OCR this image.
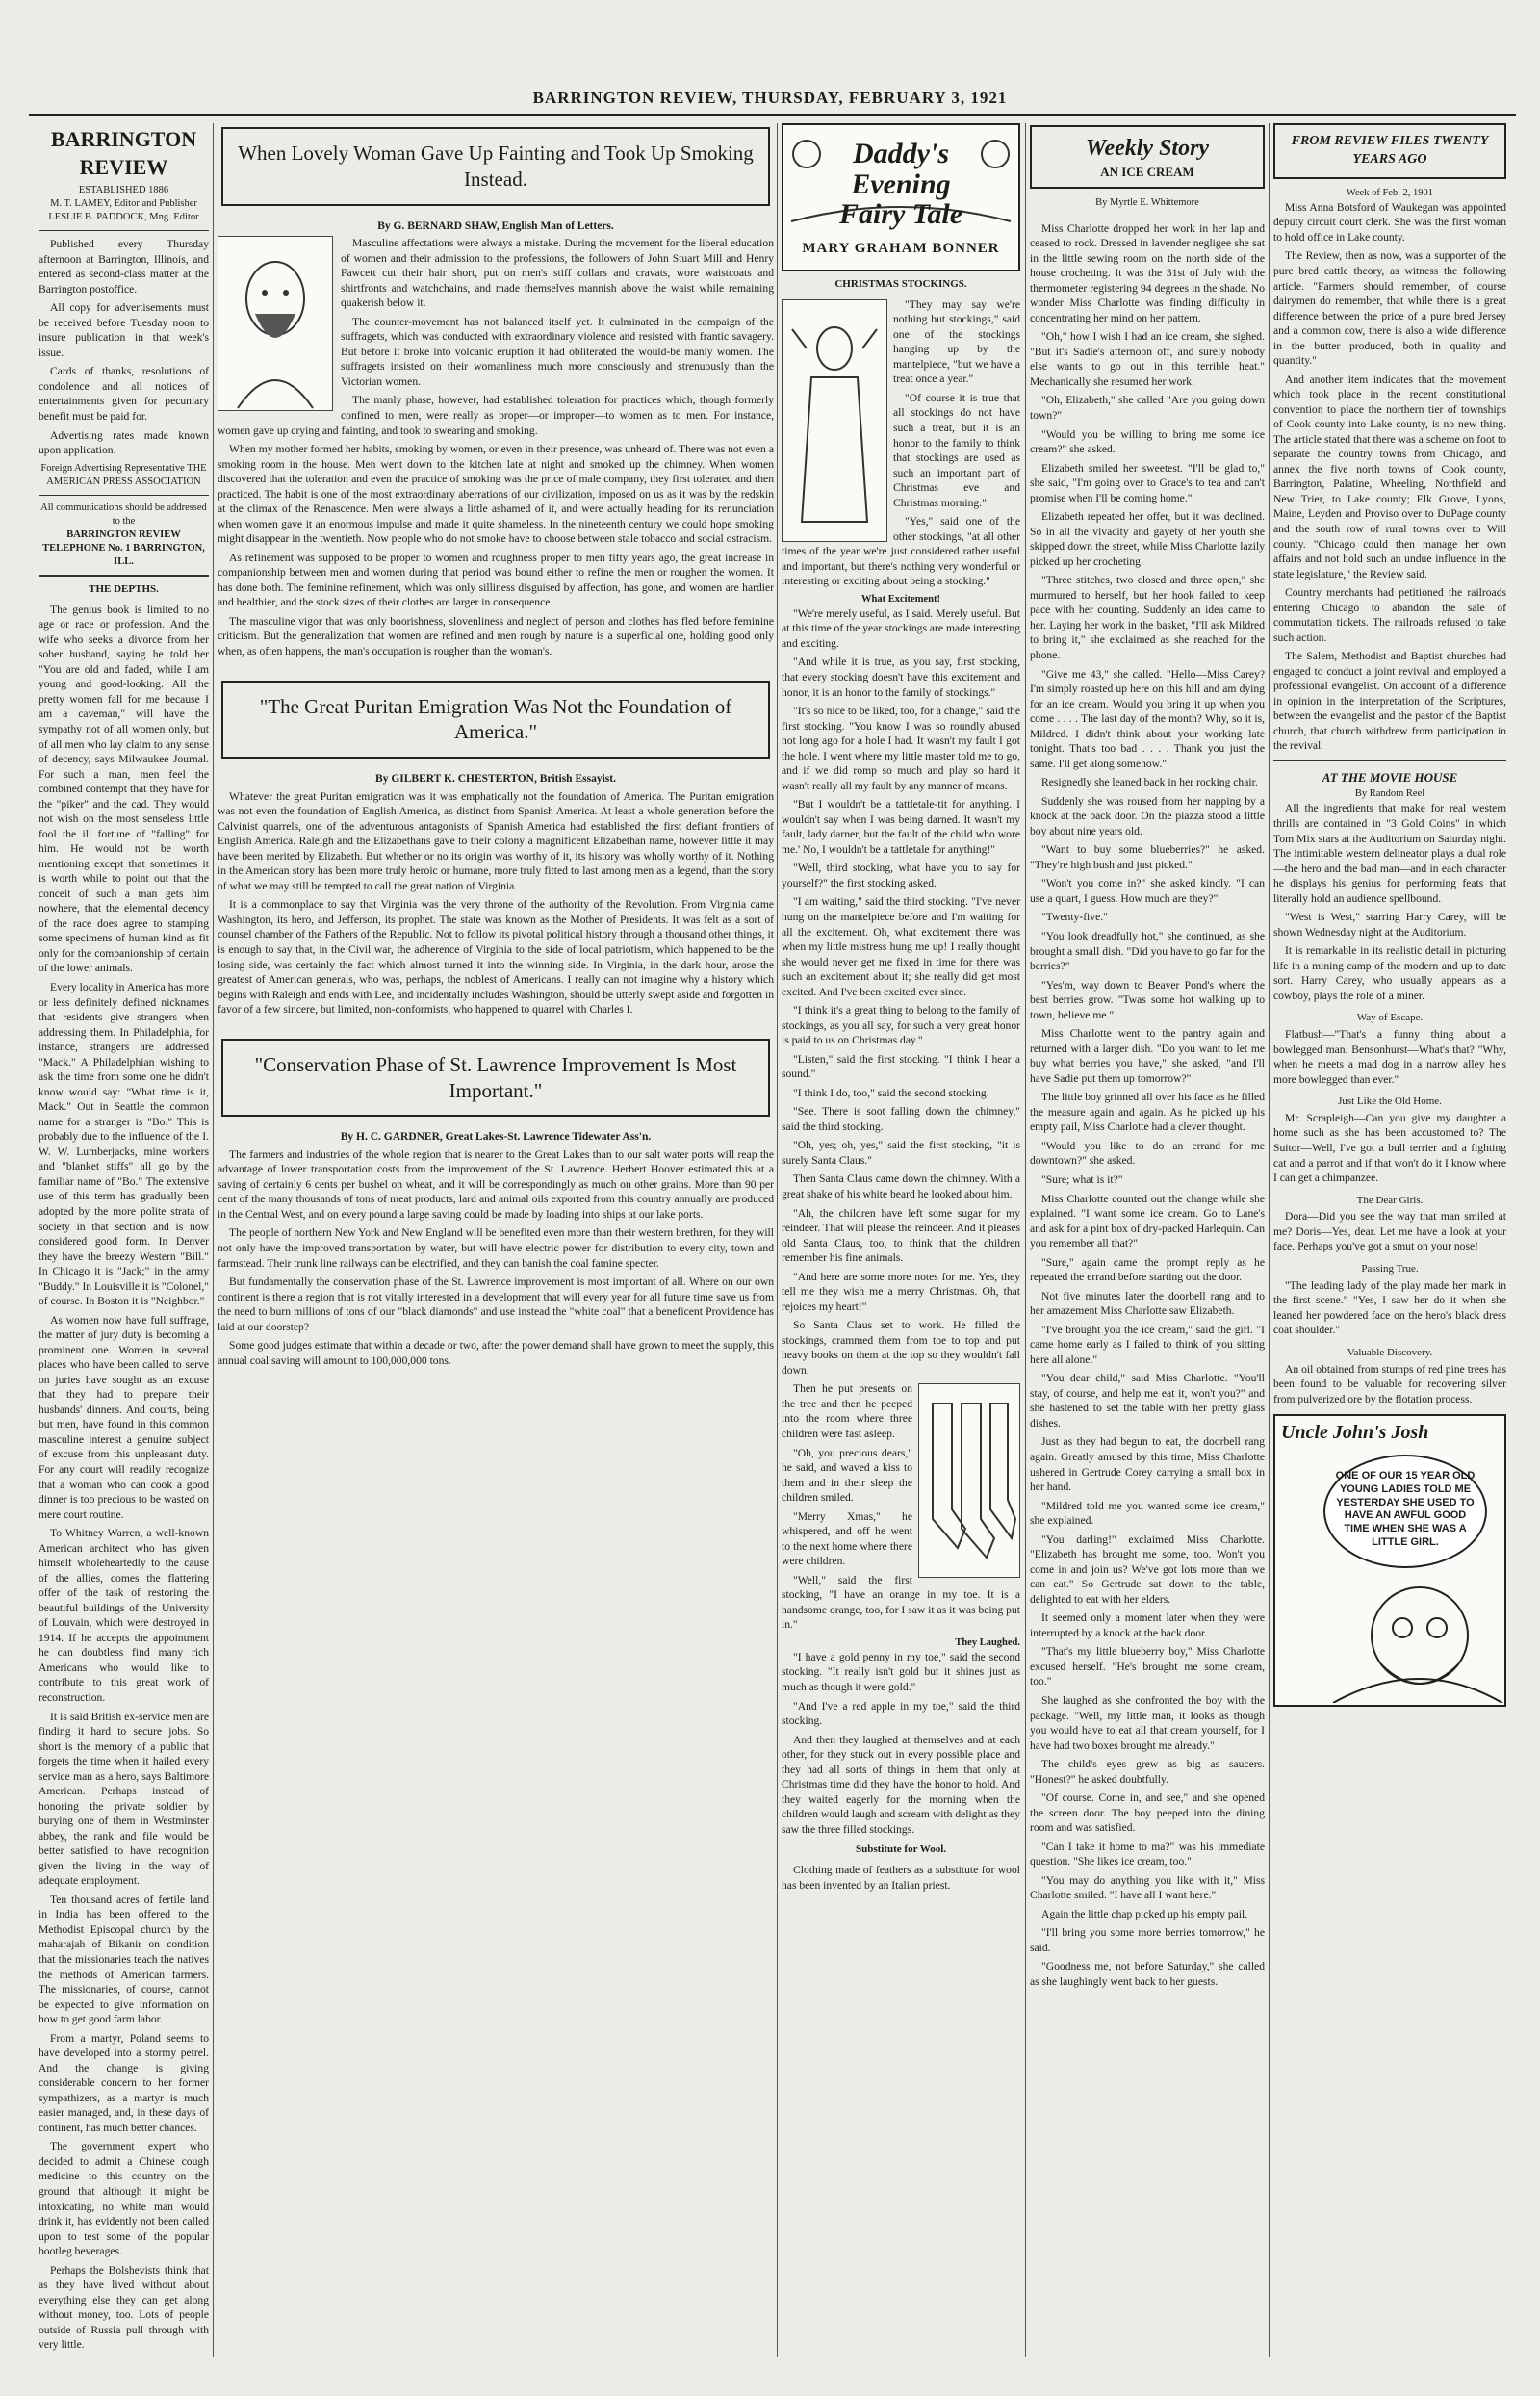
BARRINGTON REVIEW, THURSDAY, FEBRUARY 3, 1921
BARRINGTON REVIEW
ESTABLISHED 1886
M. T. LAMEY, Editor and Publisher
LESLIE B. PADDOCK, Mng. Editor

Published every Thursday afternoon at Barrington, Illinois, and entered as second-class matter at the Barrington postoffice.

All copy for advertisements must be received before Tuesday noon to insure publication in that week's issue.

Cards of thanks, resolutions of condolence and all notices of entertainments given for pecuniary benefit must be paid for.

Advertising rates made known upon application.

Foreign Advertising Representative THE AMERICAN PRESS ASSOCIATION
All communications should be addressed to the
BARRINGTON REVIEW
TELEPHONE No. 1 BARRINGTON, ILL.
THE DEPTHS.

The genius book is limited to no age or race or profession. And the wife who seeks a divorce from her sober husband, saying he told her "You are old and faded, while I am young and good-looking. All the pretty women fall for me because I am a caveman," will have the sympathy not of all women only, but of all men who lay claim to any sense of decency, says Milwaukee Journal. For such a man, men feel the combined contempt that they have for the "piker" and the cad. They would not wish on the most senseless little fool the ill fortune of "falling" for him. He would not be worth mentioning except that sometimes it is worth while to point out that the conceit of such a man gets him nowhere, that the elemental decency of the race does agree to stamping some specimens of human kind as fit only for the companionship of certain of the lower animals.

Every locality in America has more or less definitely defined nicknames that residents give strangers when addressing them. In Philadelphia, for instance, strangers are addressed "Mack." A Philadelphian wishing to ask the time from some one he didn't know would say: "What time is it, Mack." Out in Seattle the common name for a stranger is "Bo." This is probably due to the influence of the I. W. W. Lumberjacks, mine workers and "blanket stiffs" all go by the familiar name of "Bo." The extensive use of this term has gradually been adopted by the more polite strata of society in that section and is now considered good form. In Denver they have the breezy Western "Bill." In Chicago it is "Jack;" in the army "Buddy." In Louisville it is "Colonel," of course. In Boston it is "Neighbor."

As women now have full suffrage, the matter of jury duty is becoming a prominent one. Women in several places who have been called to serve on juries have sought as an excuse that they had to prepare their husbands' dinners. And courts, being but men, have found in this common masculine interest a genuine subject of excuse from this unpleasant duty. For any court will readily recognize that a woman who can cook a good dinner is too precious to be wasted on mere court routine.

To Whitney Warren, a well-known American architect who has given himself wholeheartedly to the cause of the allies, comes the flattering offer of the task of restoring the beautiful buildings of the University of Louvain, which were destroyed in 1914. If he accepts the appointment he can doubtless find many rich Americans who would like to contribute to this great work of reconstruction.

It is said British ex-service men are finding it hard to secure jobs. So short is the memory of a public that forgets the time when it hailed every service man as a hero, says Baltimore American. Perhaps instead of honoring the private soldier by burying one of them in Westminster abbey, the rank and file would be better satisfied to have recognition given the living in the way of adequate employment.

Ten thousand acres of fertile land in India has been offered to the Methodist Episcopal church by the maharajah of Bikanir on condition that the missionaries teach the natives the methods of American farmers. The missionaries, of course, cannot be expected to give information on how to get good farm labor.

From a martyr, Poland seems to have developed into a stormy petrel. And the change is giving considerable concern to her former sympathizers, as a martyr is much easier managed, and, in these days of continent, has much better chances.

The government expert who decided to admit a Chinese cough medicine to this country on the ground that although it might be intoxicating, no white man would drink it, has evidently not been called upon to test some of the popular bootleg beverages.

Perhaps the Bolshevists think that as they have lived without about everything else they can get along without money, too. Lots of people outside of Russia pull through with very little.

When Lovely Woman Gave Up Fainting and Took Up Smoking Instead.
By G. BERNARD SHAW, English Man of Letters.

Masculine affectations were always a mistake. During the movement for the liberal education of women and their admission to the professions, the followers of John Stuart Mill and Henry Fawcett cut their hair short, put on men's stiff collars and cravats, wore waistcoats and shirtfronts and watchchains, and made themselves mannish above the waist while remaining quakerish below it.

The counter-movement has not balanced itself yet. It culminated in the campaign of the suffragets, which was conducted with extraordinary violence and resisted with frantic savagery. But before it broke into volcanic eruption it had obliterated the would-be manly women. The suffragets insisted on their womanliness much more consciously and strenuously than the Victorian women.

The manly phase, however, had established toleration for practices which, though formerly confined to men, were really as proper—or improper—to women as to men. For instance, women gave up crying and fainting, and took to swearing and smoking.

When my mother formed her habits, smoking by women, or even in their presence, was unheard of. There was not even a smoking room in the house. Men went down to the kitchen late at night and smoked up the chimney. When women discovered that the toleration and even the practice of smoking was the price of male company, they first tolerated and then practiced. The habit is one of the most extraordinary aberrations of our civilization, imposed on us as it was by the redskin at the climax of the Renascence. Men were always a little ashamed of it, and were actually heading for its renunciation when women gave it an enormous impulse and made it quite shameless. In the nineteenth century we could hope smoking might disappear in the twentieth. Now people who do not smoke have to choose between stale tobacco and social ostracism.

As refinement was supposed to be proper to women and roughness proper to men fifty years ago, the great increase in companionship between men and women during that period was bound either to refine the men or roughen the women. It has done both. The feminine refinement, which was only silliness disguised by affection, has gone, and women are hardier and healthier, and the stock sizes of their clothes are larger in consequence.

The masculine vigor that was only boorishness, slovenliness and neglect of person and clothes has fled before feminine criticism. But the generalization that women are refined and men rough by nature is a superficial one, holding good only when, as often happens, the man's occupation is rougher than the woman's.

"The Great Puritan Emigration Was Not the Foundation of America."
By GILBERT K. CHESTERTON, British Essayist.

Whatever the great Puritan emigration was it was emphatically not the foundation of America. The Puritan emigration was not even the foundation of English America, as distinct from Spanish America. At least a whole generation before the Calvinist quarrels, one of the adventurous antagonists of Spanish America had established the first defiant frontiers of English America. Raleigh and the Elizabethans gave to their colony a magnificent Elizabethan name, however little it may have been merited by Elizabeth. But whether or no its origin was worthy of it, its history was wholly worthy of it. Nothing in the American story has been more truly heroic or humane, more truly fitted to last among men as a legend, than the story of what we may still be tempted to call the great nation of Virginia.

It is a commonplace to say that Virginia was the very throne of the authority of the Revolution. From Virginia came Washington, its hero, and Jefferson, its prophet. The state was known as the Mother of Presidents. It was felt as a sort of counsel chamber of the Fathers of the Republic. Not to follow its pivotal political history through a thousand other things, it is enough to say that, in the Civil war, the adherence of Virginia to the side of local patriotism, which happened to be the losing side, was certainly the fact which almost turned it into the winning side. In Virginia, in the dark hour, arose the greatest of American generals, who was, perhaps, the noblest of Americans. I really can not imagine why a history which begins with Raleigh and ends with Lee, and incidentally includes Washington, should be utterly swept aside and forgotten in favor of a few sincere, but limited, non-conformists, who happened to quarrel with Charles I.

"Conservation Phase of St. Lawrence Improvement Is Most Important."
By H. C. GARDNER, Great Lakes-St. Lawrence Tidewater Ass'n.

The farmers and industries of the whole region that is nearer to the Great Lakes than to our salt water ports will reap the advantage of lower transportation costs from the improvement of the St. Lawrence. Herbert Hoover estimated this at a saving of certainly 6 cents per bushel on wheat, and it will be correspondingly as much on other grains. More than 90 per cent of the many thousands of tons of meat products, lard and animal oils exported from this country annually are produced in the Central West, and on every pound a large saving could be made by loading into ships at our lake ports.

The people of northern New York and New England will be benefited even more than their western brethren, for they will not only have the improved transportation by water, but will have electric power for distribution to every city, town and farmstead. Their trunk line railways can be electrified, and they can banish the coal famine specter.

But fundamentally the conservation phase of the St. Lawrence improvement is most important of all. Where on our own continent is there a region that is not vitally interested in a development that will every year for all future time save us from the need to burn millions of tons of our "black diamonds" and use instead the "white coal" that a beneficent Providence has laid at our doorstep?

Some good judges estimate that within a decade or two, after the power demand shall have grown to meet the supply, this annual coal saving will amount to 100,000,000 tons.

Daddy's Evening Fairy Tale
MARY GRAHAM BONNER
CHRISTMAS STOCKINGS.

"They may say we're nothing but stockings," said one of the stockings hanging up by the mantelpiece, "but we have a treat once a year."

"Of course it is true that all stockings do not have such a treat, but it is an honor to the family to think that stockings are used as such an important part of Christmas eve and Christmas morning."

"Yes," said one of the other stockings, "at all other times of the year we're just considered rather useful and important, but there's nothing very wonderful or interesting or exciting about being a stocking."

What Excitement!

"We're merely useful, as I said. Merely useful. But at this time of the year stockings are made interesting and exciting.

"And while it is true, as you say, first stocking, that every stocking doesn't have this excitement and honor, it is an honor to the family of stockings."

"It's so nice to be liked, too, for a change," said the first stocking. "You know I was so roundly abused not long ago for a hole I had. It wasn't my fault I got the hole. I went where my little master told me to go, and if we did romp so much and play so hard it wasn't really all my fault by any manner of means.

"But I wouldn't be a tattletale-tit for anything. I wouldn't say when I was being darned. It wasn't my fault, lady darner, but the fault of the child who wore me.' No, I wouldn't be a tattletale for anything!"

"Well, third stocking, what have you to say for yourself?" the first stocking asked.

"I am waiting," said the third stocking. "I've never hung on the mantelpiece before and I'm waiting for all the excitement. Oh, what excitement there was when my little mistress hung me up! I really thought she would never get me fixed in time for there was such an excitement about it; she really did get most excited. And I've been excited ever since.

"I think it's a great thing to belong to the family of stockings, as you all say, for such a very great honor is paid to us on Christmas day."

"Listen," said the first stocking. "I think I hear a sound."

"I think I do, too," said the second stocking.

"See. There is soot falling down the chimney," said the third stocking.

"Oh, yes; oh, yes," said the first stocking, "it is surely Santa Claus."

Then Santa Claus came down the chimney. With a great shake of his white beard he looked about him.

"Ah, the children have left some sugar for my reindeer. That will please the reindeer. And it pleases old Santa Claus, too, to think that the children remember his fine animals.

"And here are some more notes for me. Yes, they tell me they wish me a merry Christmas. Oh, that rejoices my heart!"

So Santa Claus set to work. He filled the stockings, crammed them from toe to top and put heavy books on them at the top so they wouldn't fall down.

Then he put presents on the tree and then he peeped into the room where three children were fast asleep.

"Oh, you precious dears," he said, and waved a kiss to them and in their sleep the children smiled.

"Merry Xmas," he whispered, and off he went to the next home where there were children.

"Well," said the first stocking, "I have an orange in my toe. It is a handsome orange, too, for I saw it as it was being put in."

They Laughed.

"I have a gold penny in my toe," said the second stocking. "It really isn't gold but it shines just as much as though it were gold."

"And I've a red apple in my toe," said the third stocking.

And then they laughed at themselves and at each other, for they stuck out in every possible place and they had all sorts of things in them that only at Christmas time did they have the honor to hold. And they waited eagerly for the morning when the children would laugh and scream with delight as they saw the three filled stockings.

Substitute for Wool.

Clothing made of feathers as a substitute for wool has been invented by an Italian priest.

Weekly Story
AN ICE CREAM
By Myrtle E. Whittemore

Miss Charlotte dropped her work in her lap and ceased to rock. Dressed in lavender negligee she sat in the little sewing room on the north side of the house crocheting. It was the 31st of July with the thermometer registering 94 degrees in the shade. No wonder Miss Charlotte was finding difficulty in concentrating her mind on her pattern.

"Oh," how I wish I had an ice cream, she sighed. "But it's Sadie's afternoon off, and surely nobody else wants to go out in this terrible heat." Mechanically she resumed her work.

"Oh, Elizabeth," she called "Are you going down town?"

"Would you be willing to bring me some ice cream?" she asked.

Elizabeth smiled her sweetest. "I'll be glad to," she said, "I'm going over to Grace's to tea and can't promise when I'll be coming home."

Elizabeth repeated her offer, but it was declined. So in all the vivacity and gayety of her youth she skipped down the street, while Miss Charlotte lazily picked up her crocheting.

"Three stitches, two closed and three open," she murmured to herself, but her hook failed to keep pace with her counting. Suddenly an idea came to her. Laying her work in the basket, "I'll ask Mildred to bring it," she exclaimed as she reached for the phone.

"Give me 43," she called. "Hello—Miss Carey? I'm simply roasted up here on this hill and am dying for an ice cream. Would you bring it up when you come . . . . The last day of the month? Why, so it is, Mildred. I didn't think about your working late tonight. That's too bad . . . . Thank you just the same. I'll get along somehow."

Resignedly she leaned back in her rocking chair.

Suddenly she was roused from her napping by a knock at the back door. On the piazza stood a little boy about nine years old.

"Want to buy some blueberries?" he asked. "They're high bush and just picked."

"Won't you come in?" she asked kindly. "I can use a quart, I guess. How much are they?"

"Twenty-five."

"You look dreadfully hot," she continued, as she brought a small dish. "Did you have to go far for the berries?"

"Yes'm, way down to Beaver Pond's where the best berries grow. "Twas some hot walking up to town, believe me."

Miss Charlotte went to the pantry again and returned with a larger dish. "Do you want to let me buy what berries you have," she asked, "and I'll have Sadie put them up tomorrow?"

The little boy grinned all over his face as he filled the measure again and again. As he picked up his empty pail, Miss Charlotte had a clever thought.

"Would you like to do an errand for me downtown?" she asked.

"Sure; what is it?"

Miss Charlotte counted out the change while she explained. "I want some ice cream. Go to Lane's and ask for a pint box of dry-packed Harlequin. Can you remember all that?"

"Sure," again came the prompt reply as he repeated the errand before starting out the door.

Not five minutes later the doorbell rang and to her amazement Miss Charlotte saw Elizabeth.

"I've brought you the ice cream," said the girl. "I came home early as I failed to think of you sitting here all alone."

"You dear child," said Miss Charlotte. "You'll stay, of course, and help me eat it, won't you?" and she hastened to set the table with her pretty glass dishes.

Just as they had begun to eat, the doorbell rang again. Greatly amused by this time, Miss Charlotte ushered in Gertrude Corey carrying a small box in her hand.

"Mildred told me you wanted some ice cream," she explained.

"You darling!" exclaimed Miss Charlotte. "Elizabeth has brought me some, too. Won't you come in and join us? We've got lots more than we can eat." So Gertrude sat down to the table, delighted to eat with her elders.

It seemed only a moment later when they were interrupted by a knock at the back door.

"That's my little blueberry boy," Miss Charlotte excused herself. "He's brought me some cream, too."

She laughed as she confronted the boy with the package. "Well, my little man, it looks as though you would have to eat all that cream yourself, for I have had two boxes brought me already."

The child's eyes grew as big as saucers. "Honest?" he asked doubtfully.

"Of course. Come in, and see," and she opened the screen door. The boy peeped into the dining room and was satisfied.

"Can I take it home to ma?" was his immediate question. "She likes ice cream, too."

"You may do anything you like with it," Miss Charlotte smiled. "I have all I want here."

Again the little chap picked up his empty pail.

"I'll bring you some more berries tomorrow," he said.

"Goodness me, not before Saturday," she called as she laughingly went back to her guests.

FROM REVIEW FILES TWENTY YEARS AGO
Week of Feb. 2, 1901

Miss Anna Botsford of Waukegan was appointed deputy circuit court clerk. She was the first woman to hold office in Lake county.

The Review, then as now, was a supporter of the pure bred cattle theory, as witness the following article. "Farmers should remember, of course dairymen do remember, that while there is a great difference between the price of a pure bred Jersey and a common cow, there is also a wide difference in the butter produced, both in quality and quantity."

And another item indicates that the movement which took place in the recent constitutional convention to place the northern tier of townships of Cook county into Lake county, is no new thing. The article stated that there was a scheme on foot to separate the country towns from Chicago, and annex the five north towns of Cook county, Barrington, Palatine, Wheeling, Northfield and New Trier, to Lake county; Elk Grove, Lyons, Maine, Leyden and Proviso over to DuPage county and the south row of rural towns over to Will county. "Chicago could then manage her own affairs and not hold such an undue influence in the state legislature," the Review said.

Country merchants had petitioned the railroads entering Chicago to abandon the sale of commutation tickets. The railroads refused to take such action.

The Salem, Methodist and Baptist churches had engaged to conduct a joint revival and employed a professional evangelist. On account of a difference in opinion in the interpretation of the Scriptures, between the evangelist and the pastor of the Baptist church, that church withdrew from participation in the revival.

AT THE MOVIE HOUSE
By Random Reel

All the ingredients that make for real western thrills are contained in "3 Gold Coins" in which Tom Mix stars at the Auditorium on Saturday night. The intimitable western delineator plays a dual role—the hero and the bad man—and in each character he displays his genius for performing feats that literally hold an audience spellbound.

"West is West," starring Harry Carey, will be shown Wednesday night at the Auditorium.

It is remarkable in its realistic detail in picturing life in a mining camp of the modern and up to date sort. Harry Carey, who usually appears as a cowboy, plays the role of a miner.

Way of Escape.

Flatbush—"That's a funny thing about a bowlegged man. Bensonhurst—What's that? "Why, when he meets a mad dog in a narrow alley he's more bowlegged than ever."

Just Like the Old Home.

Mr. Scrapleigh—Can you give my daughter a home such as she has been accustomed to? The Suitor—Well, I've got a bull terrier and a fighting cat and a parrot and if that won't do it I know where I can get a chimpanzee.

The Dear Girls.

Dora—Did you see the way that man smiled at me? Doris—Yes, dear. Let me have a look at your face. Perhaps you've got a smut on your nose!

Passing True.

"The leading lady of the play made her mark in the first scene." "Yes, I saw her do it when she leaned her powdered face on the hero's black dress coat shoulder."

Valuable Discovery.

An oil obtained from stumps of red pine trees has been found to be valuable for recovering silver from pulverized ore by the flotation process.

Uncle John's Josh
ONE OF OUR 15 YEAR OLD YOUNG LADIES TOLD ME YESTERDAY SHE USED TO HAVE AN AWFUL GOOD TIME WHEN SHE WAS A LITTLE GIRL.
